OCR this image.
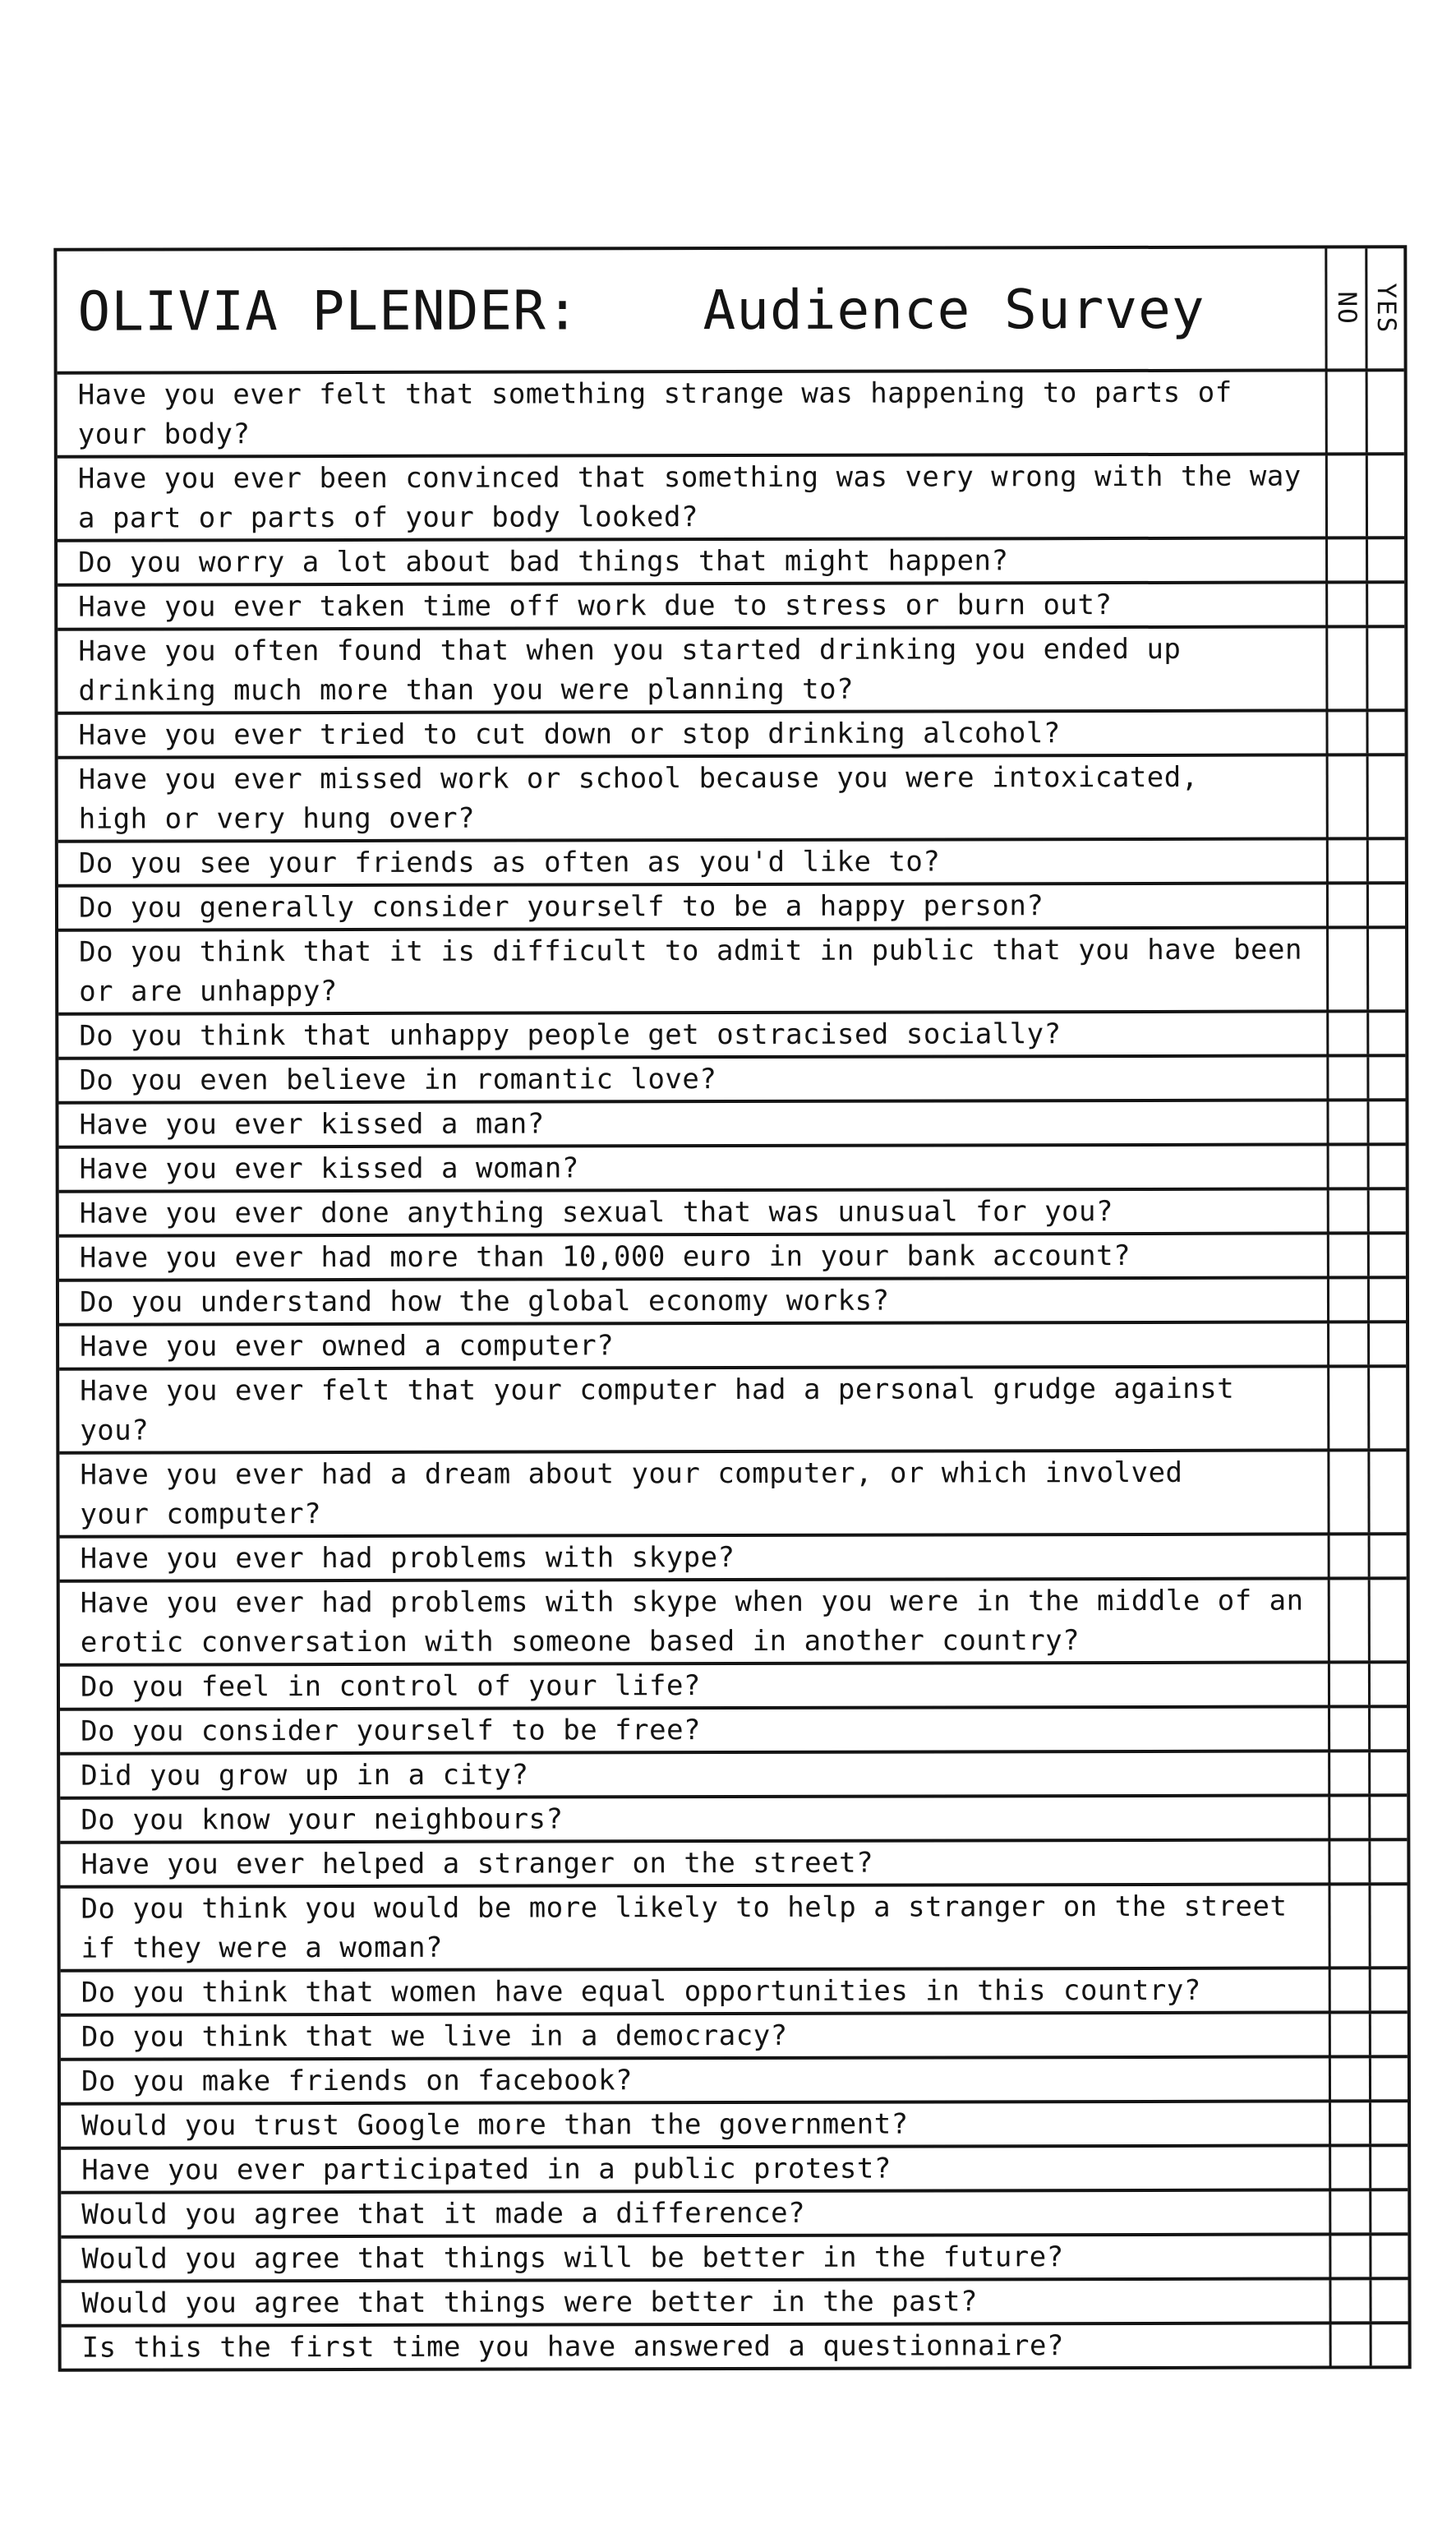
OLIVIA PLENDER: Audience Survey	NO YES
Have you ever felt that something strange was happening to parts of
your body?
Have you ever been convinced that something was very wrong with the way
a part or parts of your body looked?
Do you worry a lot about bad things that might happen?
Have you ever taken time off work due to stress or burn out?
Have you often found that when you started drinking you ended up
drinking much more than you were planning to?
Have you ever tried to cut down or stop drinking alcohol?
Have you ever missed work or school because you were intoxicated,
high or very hung over?
Do you see your friends as often as you'd like to?
Do you generally consider yourself to be a happy person?
Do you think that it is difficult to admit in public that you have been
or are unhappy?
Do you think that unhappy people get ostracised socially?
Do you even believe in romantic love?
Have you ever kissed a man?
Have you ever kissed a woman?
Have you ever done anything sexual that was unusual for you?
Have you ever had more than 10,000 euro in your bank account?
Do you understand how the global economy works?
Have you ever owned a computer?
Have you ever felt that your computer had a personal grudge against you?
Have you ever had a dream about your computer, or which involved
your computer?
Have you ever had problems with skype?
Have you ever had problems with skype when you were in the middle of an
erotic conversation with someone based in another country?
Do you feel in control of your life?
Do you consider yourself to be free?
Did you grow up in a city?
Do you know your neighbours?
Have you ever helped a stranger on the street?
Do you think you would be more likely to help a stranger on the street
if they were a woman?
Do you think that women have equal opportunities in this country?
Do you think that we live in a democracy?
Do you make friends on facebook?
Would you trust Google more than the government?
Have you ever participated in a public protest?
Would you agree that it made a difference?
Would you agree that things will be better in the future?
Would you agree that things were better in the past?
Is this the first time you have answered a questionnaire?
